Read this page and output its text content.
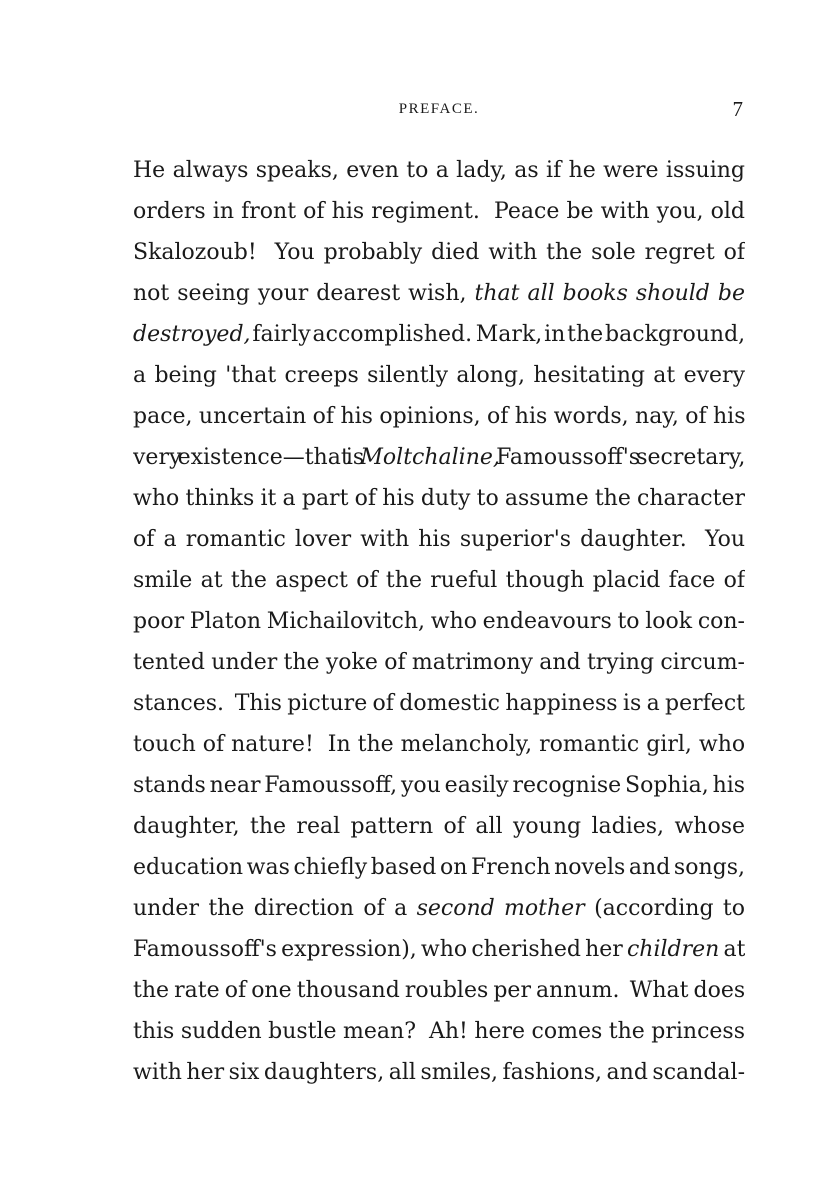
PREFACE.	7
He always speaks, even to a lady, as if he were issuing
orders in front of his regiment.  Peace be with you, old
Skalozoub!  You probably died with the sole regret of
not seeing your dearest wish, that all books should be
destroyed, fairly accomplished.  Mark, in the background,
a being 'that creeps silently along, hesitating at every
pace, uncertain of his opinions, of his words, nay, of his
very existence—that is Moltchaline, Famoussoff's secretary,
who thinks it a part of his duty to assume the character
of a romantic lover with his superior's daughter.  You
smile at the aspect of the rueful though placid face of
poor Platon Michailovitch, who endeavours to look con-
tented under the yoke of matrimony and trying circum-
stances.  This picture of domestic happiness is a perfect
touch of nature!  In the melancholy, romantic girl, who
stands near Famoussoff, you easily recognise Sophia, his
daughter, the real pattern of all young ladies, whose
education was chiefly based on French novels and songs,
under the direction of a second mother (according to
Famoussoff's expression), who cherished her children at
the rate of one thousand roubles per annum.  What does
this sudden bustle mean?  Ah! here comes the princess
with her six daughters, all smiles, fashions, and scandal-
